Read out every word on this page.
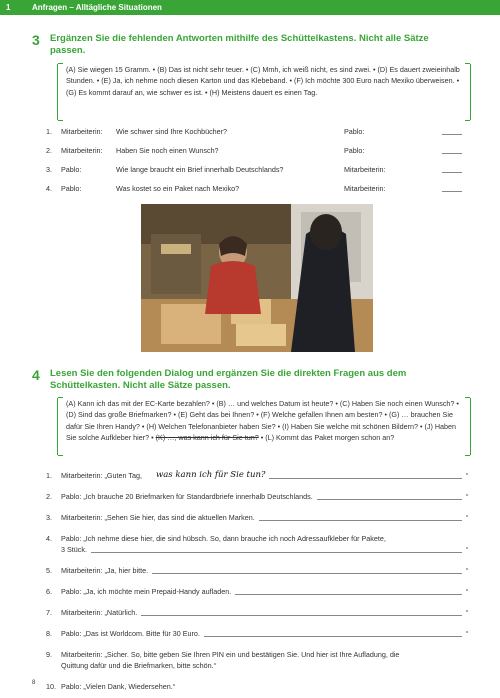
1	Anfragen – Alltägliche Situationen
3	Ergänzen Sie die fehlenden Antworten mithilfe des Schüttelkastens. Nicht alle Sätze passen.
(A) Sie wiegen 15 Gramm. • (B) Das ist nicht sehr teuer. • (C) Mmh, ich weiß nicht, es sind zwei. • (D) Es dauert zweieinhalb Stunden. • (E) Ja, ich nehme noch diesen Karton und das Klebeband. • (F) Ich möchte 300 Euro nach Mexiko überweisen. • (G) Es kommt darauf an, wie schwer es ist. • (H) Meistens dauert es einen Tag.
1. Mitarbeiterin: Wie schwer sind Ihre Kochbücher?	Pablo:
2. Mitarbeiterin: Haben Sie noch einen Wunsch?	Pablo:
3. Pablo:	Wie lange braucht ein Brief innerhalb Deutschlands?	Mitarbeiterin:
4. Pablo:	Was kostet so ein Paket nach Mexiko?	Mitarbeiterin:
4	Lesen Sie den folgenden Dialog und ergänzen Sie die direkten Fragen aus dem Schüttelkasten. Nicht alle Sätze passen.
(A) Kann ich das mit der EC-Karte bezahlen? • (B) … und welches Datum ist heute? • (C) Haben Sie noch einen Wunsch? • (D) Sind das große Briefmarken? • (E) Geht das bei Ihnen? • (F) Welche gefallen Ihnen am besten? • (G) … brauchen Sie dafür Sie Ihren Handy? • (H) Welchen Telefonanbieter haben Sie? • (I) Haben Sie welche mit schönen Bildern? • (J) Haben Sie solche Aufkleber hier? • (K) …, was kann ich für Sie tun? • (L) Kommt das Paket morgen schon an?
1. Mitarbeiterin: „Guten Tag,	was kann ich für Sie tun?	“
2. Pablo: „Ich brauche 20 Briefmarken für Standardbriefe innerhalb Deutschlands.	“
3. Mitarbeiterin: „Sehen Sie hier, das sind die aktuellen Marken.	“
4. Pablo: „Ich nehme diese hier, die sind hübsch. So, dann brauche ich noch Adressaufkleber für Pakete,
3 Stück.	“
5. Mitarbeiterin: „Ja, hier bitte.	“
6. Pablo: „Ja, ich möchte mein Prepaid-Handy aufladen.	“
7. Mitarbeiterin: „Natürlich.	“
8. Pablo: „Das ist Worldcom. Bitte für 30 Euro.	“
9. Mitarbeiterin: „Sicher. So, bitte geben Sie Ihren PIN ein und bestätigen Sie. Und hier ist Ihre Aufladung, die
Quittung dafür und die Briefmarken, bitte schön.“
10. Pablo: „Vielen Dank, Wiedersehen.“
8
